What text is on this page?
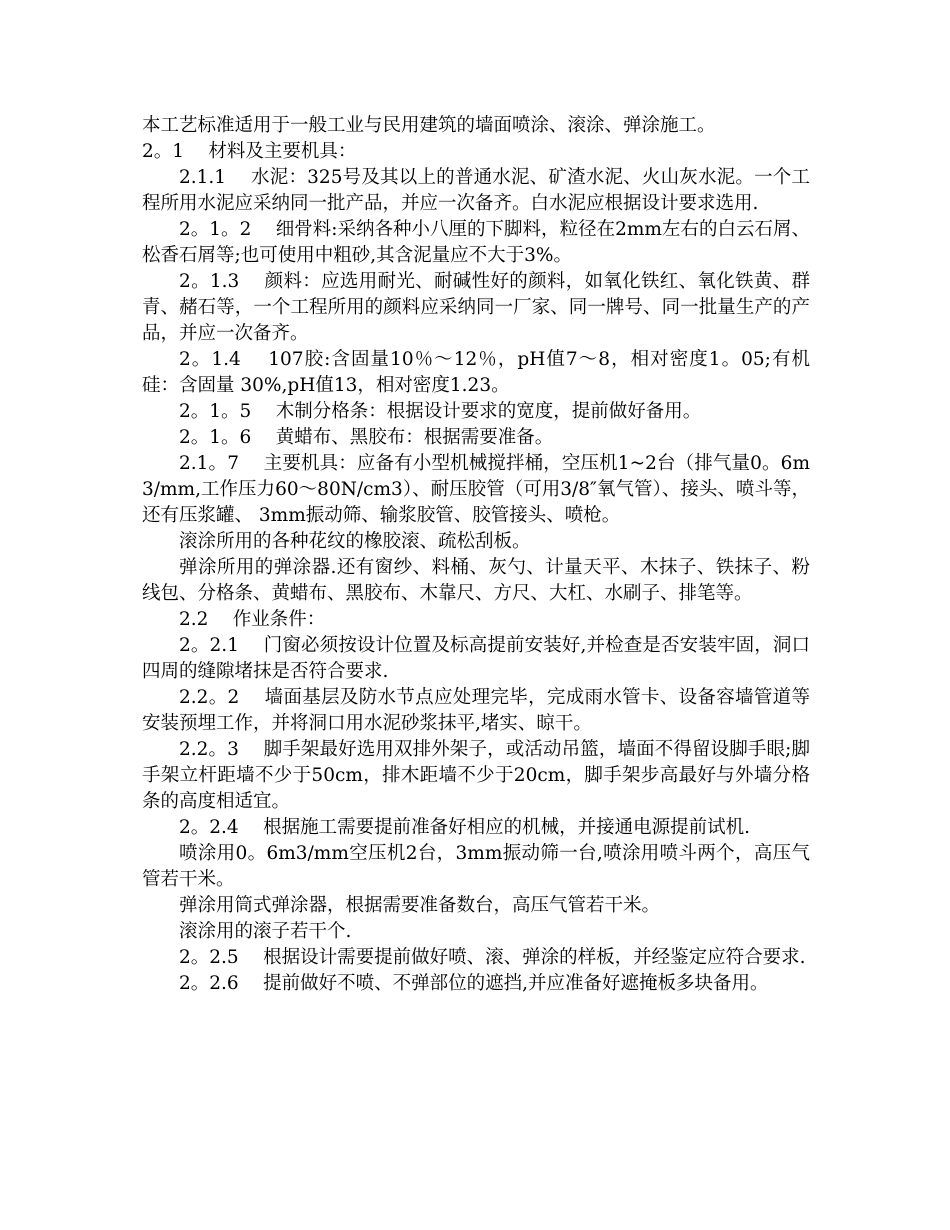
本工艺标准适用于一般工业与民用建筑的墙面喷涂、滚涂、弹涂施工。

2。1　 材料及主要机具：

2.1.1　 水泥：325号及其以上的普通水泥、矿渣水泥、火山灰水泥。一个工程所用水泥应采纳同一批产品，并应一次备齐。白水泥应根据设计要求选用.

2。1。2　 细骨料:采纳各种小八厘的下脚料，粒径在2mm左右的白云石屑、松香石屑等;也可使用中粗砂,其含泥量应不大于3%。

2。1.3　 颜料：应选用耐光、耐碱性好的颜料，如氧化铁红、氧化铁黄、群青、赭石等，一个工程所用的颜料应采纳同一厂家、同一牌号、同一批量生产的产品，并应一次备齐。

2。1.4　 107胶:含固量10％～12％，pH值7～8，相对密度1。05;有机硅：含固量 30%,pH值13，相对密度1.23。

2。1。5　 木制分格条：根据设计要求的宽度，提前做好备用。

2。1。6　 黄蜡布、黑胶布：根据需要准备。

2.1。7　 主要机具：应备有小型机械搅拌桶，空压机1~2台（排气量0。6m3/mm,工作压力60～80N/cm3）、耐压胶管（可用3/8″氧气管）、接头、喷斗等，还有压浆罐、 3mm振动筛、输浆胶管、胶管接头、喷枪。

滚涂所用的各种花纹的橡胶滚、疏松刮板。

弹涂所用的弹涂器.还有窗纱、料桶、灰勺、计量天平、木抹子、铁抹子、粉线包、分格条、黄蜡布、黑胶布、木靠尺、方尺、大杠、水刷子、排笔等。

2.2　 作业条件：

2。2.1　 门窗必须按设计位置及标高提前安装好,并检查是否安装牢固，洞口四周的缝隙堵抹是否符合要求.

2.2。2　 墙面基层及防水节点应处理完毕，完成雨水管卡、设备容墙管道等安装预埋工作，并将洞口用水泥砂浆抹平,堵实、晾干。

2.2。3　 脚手架最好选用双排外架子，或活动吊篮，墙面不得留设脚手眼;脚手架立杆距墙不少于50cm，排木距墙不少于20cm，脚手架步高最好与外墙分格条的高度相适宜。

2。2.4　 根据施工需要提前准备好相应的机械，并接通电源提前试机.

喷涂用0。6m3/mm空压机2台，3mm振动筛一台,喷涂用喷斗两个，高压气管若干米。

弹涂用筒式弹涂器，根据需要准备数台，高压气管若干米。

滚涂用的滚子若干个.

2。2.5　 根据设计需要提前做好喷、滚、弹涂的样板，并经鉴定应符合要求.

2。2.6　 提前做好不喷、不弹部位的遮挡,并应准备好遮掩板多块备用。
